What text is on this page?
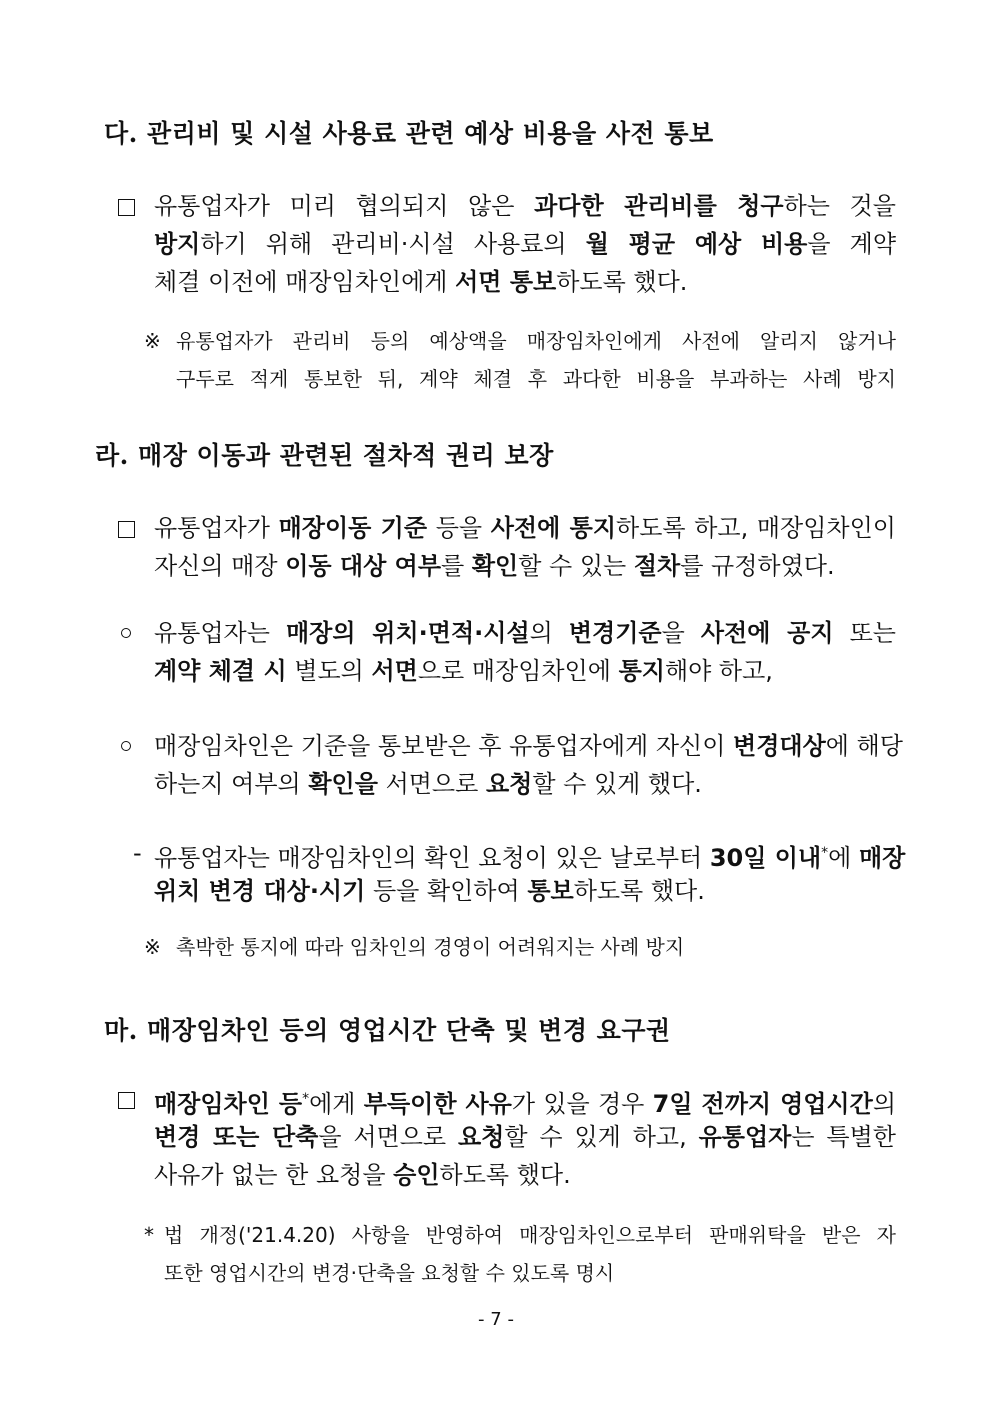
다. 관리비 및 시설 사용료 관련 예상 비용을 사전 통보
유통업자가 미리 협의되지 않은 과다한 관리비를 청구하는 것을
방지하기 위해 관리비·시설 사용료의 월 평균 예상 비용을 계약
체결 이전에 매장임차인에게 서면 통보하도록 했다.
※ 유통업자가 관리비 등의 예상액을 매장임차인에게 사전에 알리지 않거나
구두로 적게 통보한 뒤, 계약 체결 후 과다한 비용을 부과하는 사례 방지
라. 매장 이동과 관련된 절차적 권리 보장
유통업자가 매장이동 기준 등을 사전에 통지하도록 하고, 매장임차인이
자신의 매장 이동 대상 여부를 확인할 수 있는 절차를 규정하였다.
유통업자는 매장의 위치·면적·시설의 변경기준을 사전에 공지 또는
계약 체결 시 별도의 서면으로 매장임차인에 통지해야 하고,
매장임차인은 기준을 통보받은 후 유통업자에게 자신이 변경대상에 해당
하는지 여부의 확인을 서면으로 요청할 수 있게 했다.
- 유통업자는 매장임차인의 확인 요청이 있은 날로부터 30일 이내*에 매장
위치 변경 대상·시기 등을 확인하여 통보하도록 했다.
※ 촉박한 통지에 따라 임차인의 경영이 어려워지는 사례 방지
마. 매장임차인 등의 영업시간 단축 및 변경 요구권
매장임차인 등*에게 부득이한 사유가 있을 경우 7일 전까지 영업시간의
변경 또는 단축을 서면으로 요청할 수 있게 하고, 유통업자는 특별한
사유가 없는 한 요청을 승인하도록 했다.
* 법 개정('21.4.20) 사항을 반영하여 매장임차인으로부터 판매위탁을 받은 자
또한 영업시간의 변경·단축을 요청할 수 있도록 명시
- 7 -
